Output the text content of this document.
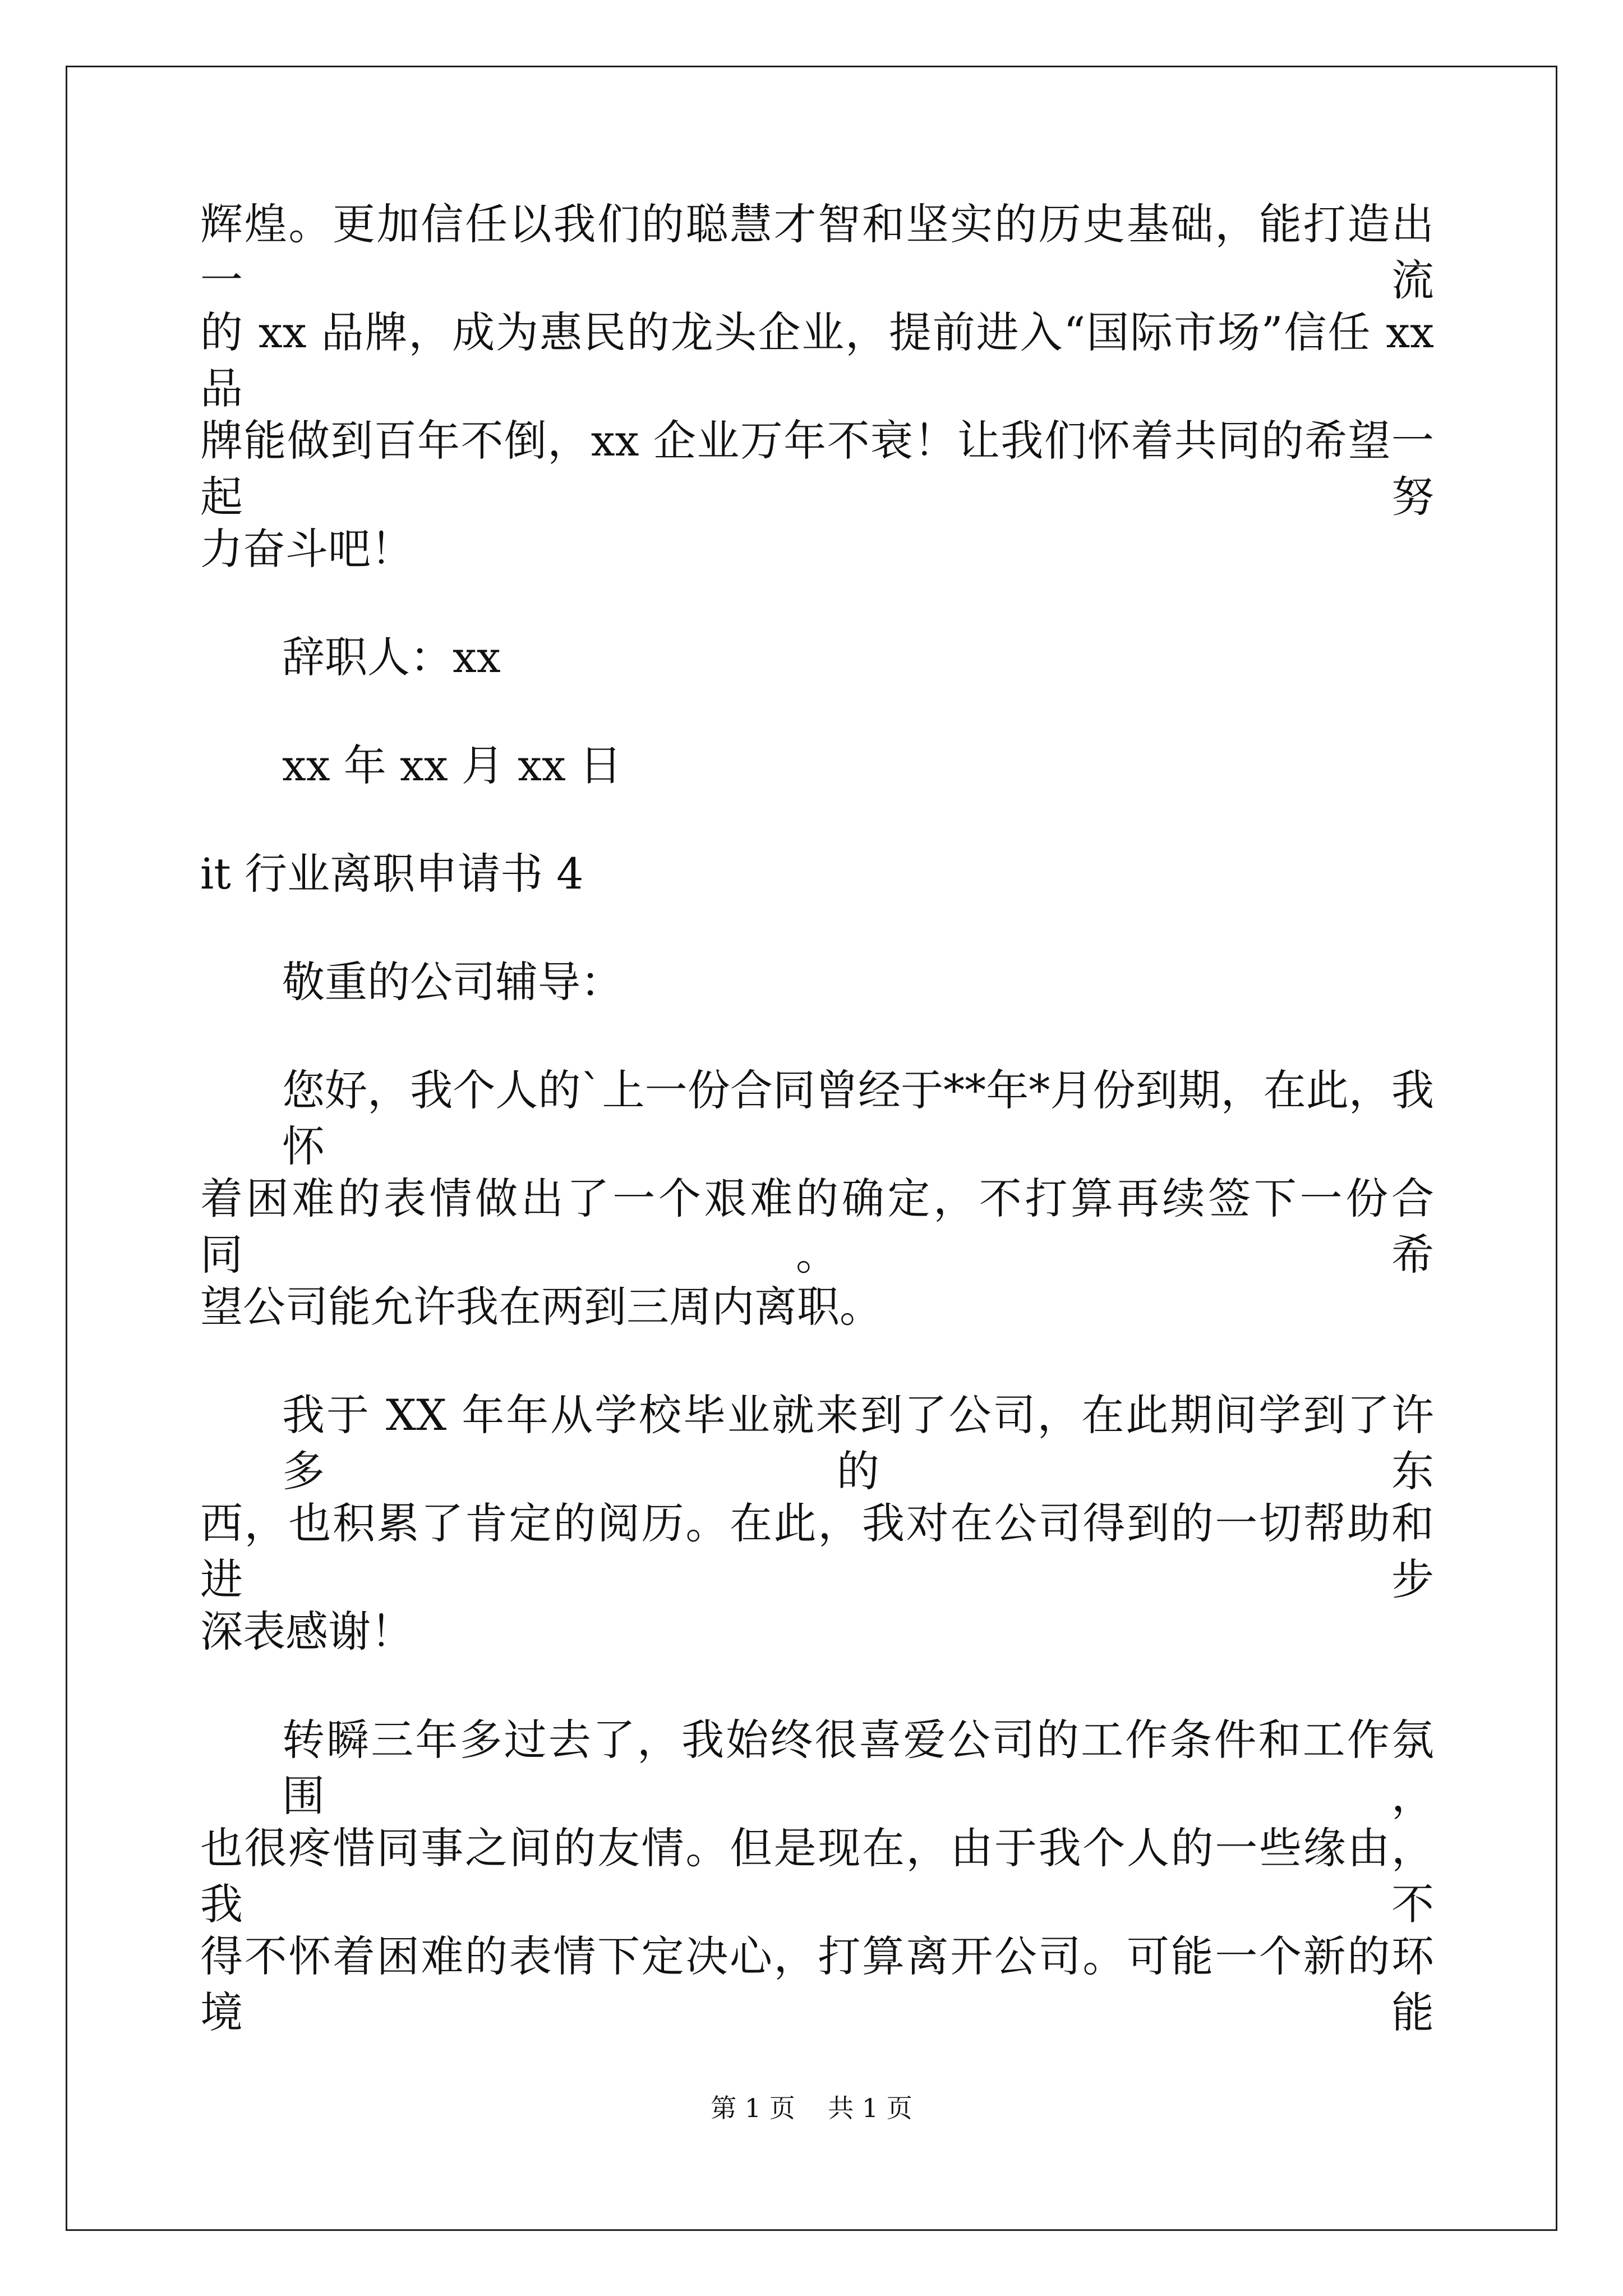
辉煌。更加信任以我们的聪慧才智和坚实的历史基础，能打造出一流
的 xx 品牌，成为惠民的龙头企业，提前进入“国际市场”信任 xx 品
牌能做到百年不倒，xx 企业万年不衰！让我们怀着共同的希望一起努
力奋斗吧！
辞职人：xx
xx 年 xx 月 xx 日
it 行业离职申请书 4
敬重的公司辅导：
您好，我个人的`上一份合同曾经于**年*月份到期，在此，我怀
着困难的表情做出了一个艰难的确定，不打算再续签下一份合同。希
望公司能允许我在两到三周内离职。
我于 XX 年年从学校毕业就来到了公司，在此期间学到了许多的东
西，也积累了肯定的阅历。在此，我对在公司得到的一切帮助和进步
深表感谢！
转瞬三年多过去了，我始终很喜爱公司的工作条件和工作氛围，
也很疼惜同事之间的友情。但是现在，由于我个人的一些缘由，我不
得不怀着困难的表情下定决心，打算离开公司。可能一个新的环境能
第 1 页    共 1 页
